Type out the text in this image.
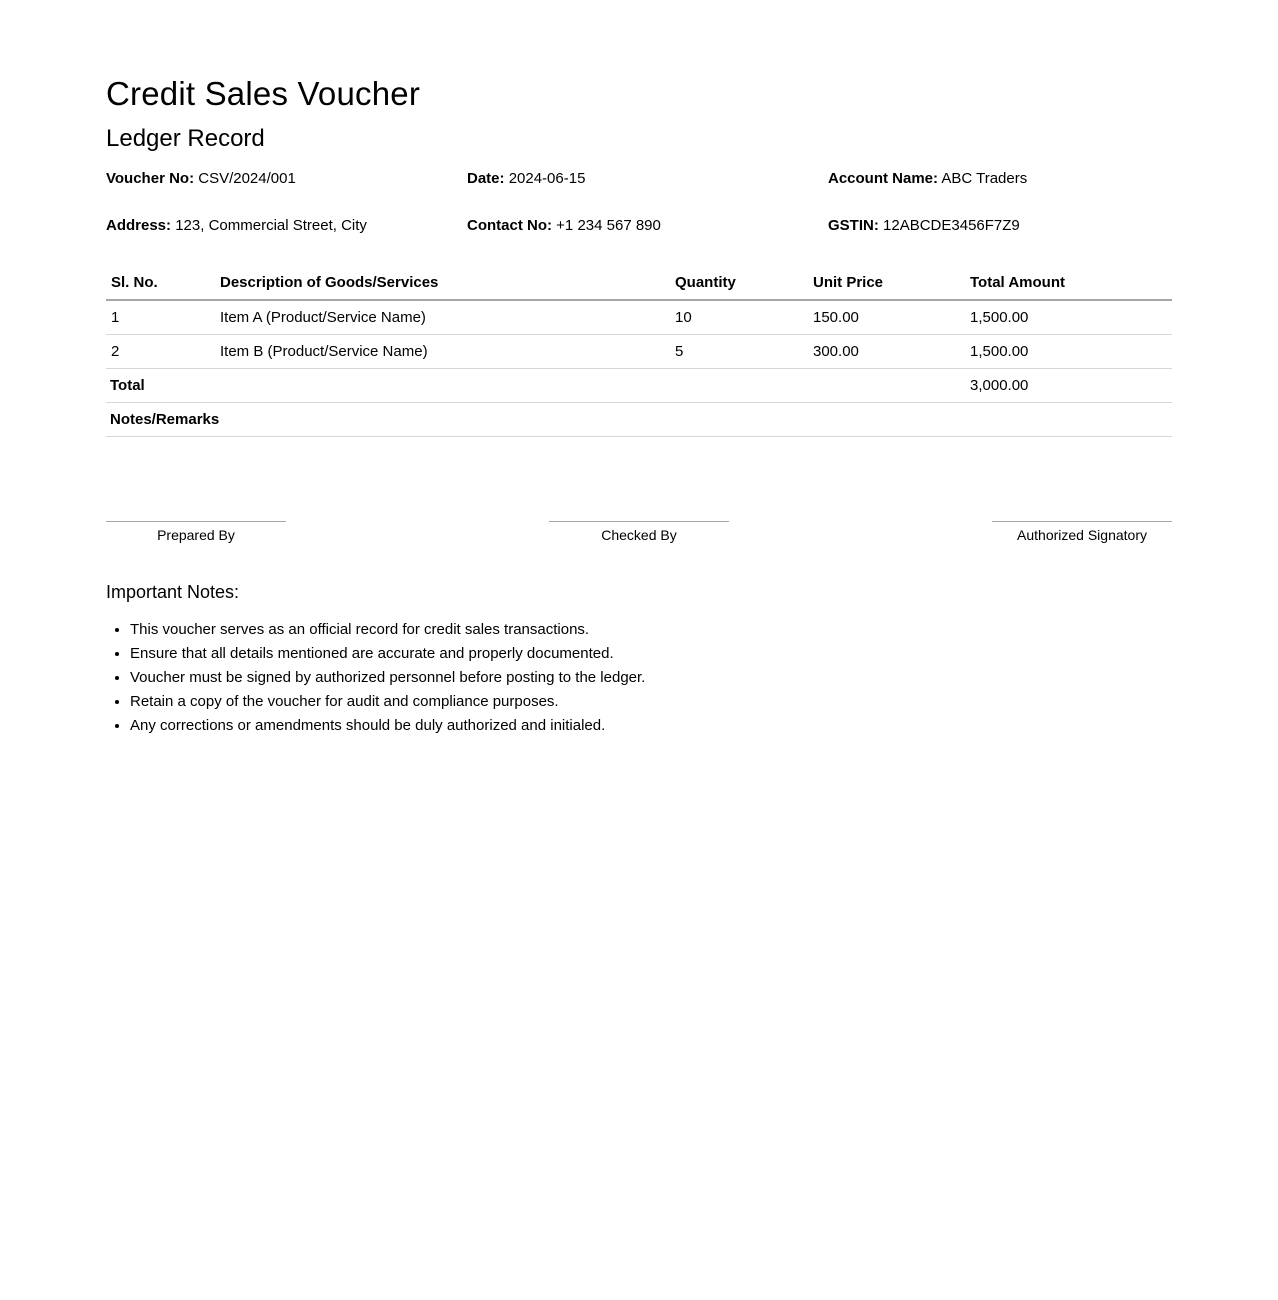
Credit Sales Voucher
Ledger Record
Voucher No: CSV/2024/001	Date: 2024-06-15	Account Name: ABC Traders
Address: 123, Commercial Street, City	Contact No: +1 234 567 890	GSTIN: 12ABCDE3456F7Z9
Sl. No.	Description of Goods/Services	Quantity	Unit Price	Total Amount
1	Item A (Product/Service Name)	10	150.00	1,500.00
2	Item B (Product/Service Name)	5	300.00	1,500.00
Total				3,000.00
Notes/Remarks				
Prepared By	Checked By	Authorized Signatory
Important Notes:
• This voucher serves as an official record for credit sales transactions.
• Ensure that all details mentioned are accurate and properly documented.
• Voucher must be signed by authorized personnel before posting to the ledger.
• Retain a copy of the voucher for audit and compliance purposes.
• Any corrections or amendments should be duly authorized and initialed.
